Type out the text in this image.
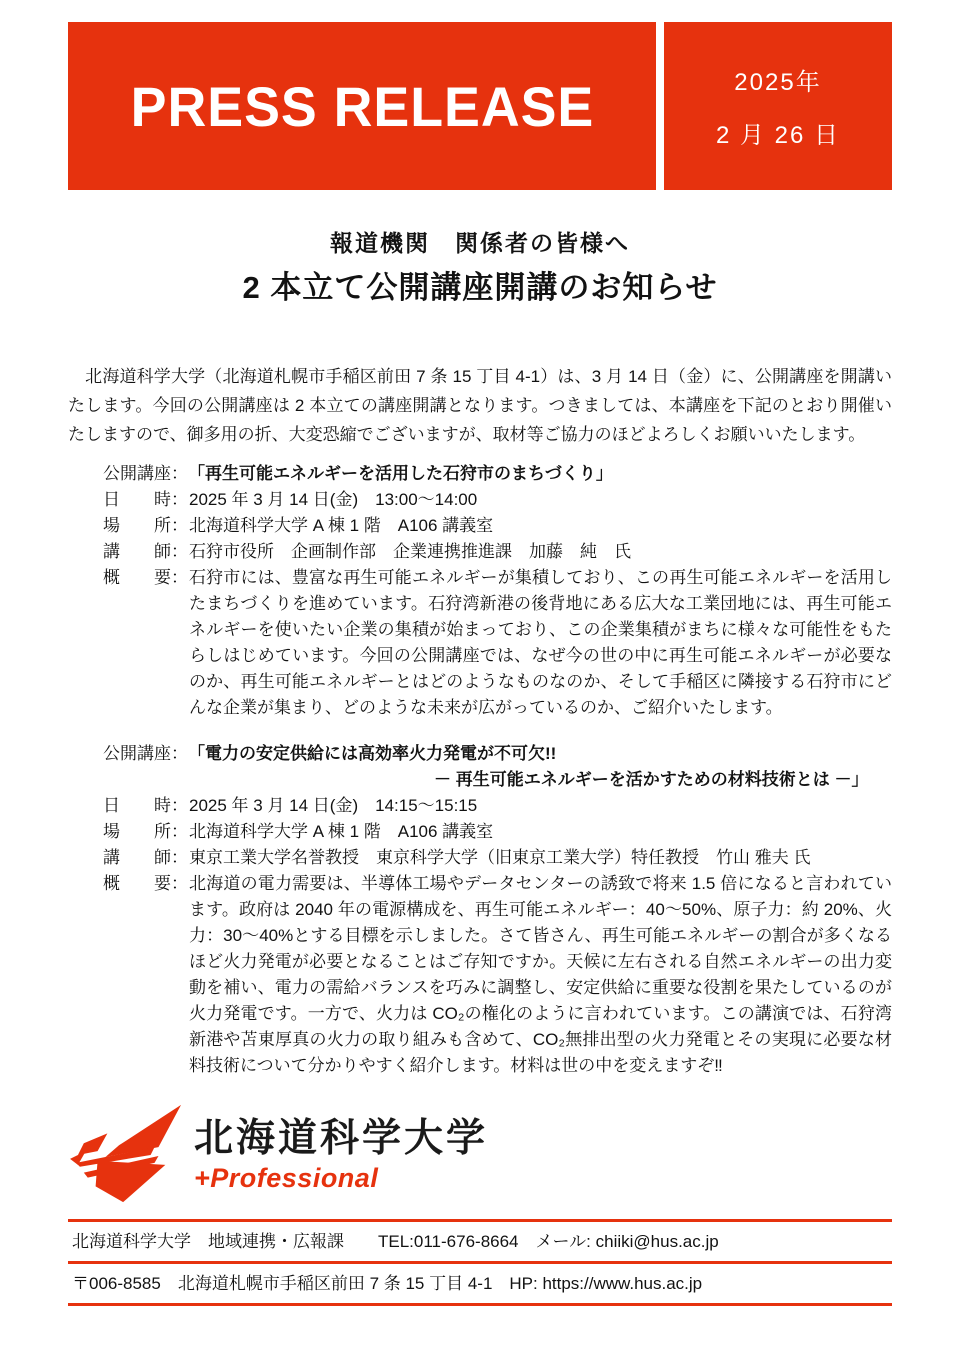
PRESS RELEASE	2025年
2 月 26 日
報道機関　関係者の皆様へ
2 本立て公開講座開講のお知らせ

　北海道科学大学（北海道札幌市手稲区前田 7 条 15 丁目 4-1）は、3 月 14 日（金）に、公開講座を開講いたします。今回の公開講座は 2 本立ての講座開講となります。つきましては、本講座を下記のとおり開催いたしますので、御多用の折、大変恐縮でございますが、取材等ご協力のほどよろしくお願いいたします。

公開講座： 「再生可能エネルギーを活用した石狩市のまちづくり」
日　　時： 2025 年 3 月 14 日(金)　13:00～14:00
場　　所： 北海道科学大学 A 棟 1 階　A106 講義室
講　　師： 石狩市役所　企画制作部　企業連携推進課　加藤　純　氏
概　　要： 石狩市には、豊富な再生可能エネルギーが集積しており、この再生可能エネルギーを活用したまちづくりを進めています。石狩湾新港の後背地にある広大な工業団地には、再生可能エネルギーを使いたい企業の集積が始まっており、この企業集積がまちに様々な可能性をもたらしはじめています。今回の公開講座では、なぜ今の世の中に再生可能エネルギーが必要なのか、再生可能エネルギーとはどのようなものなのか、そして手稲区に隣接する石狩市にどんな企業が集まり、どのような未来が広がっているのか、ご紹介いたします。
公開講座： 「電力の安定供給には高効率火力発電が不可欠!!
－ 再生可能エネルギーを活かすための材料技術とは －」
日　　時： 2025 年 3 月 14 日(金)　14:15～15:15
場　　所： 北海道科学大学 A 棟 1 階　A106 講義室
講　　師： 東京工業大学名誉教授　東京科学大学（旧東京工業大学）特任教授　竹山 雅夫 氏
概　　要： 北海道の電力需要は、半導体工場やデータセンターの誘致で将来 1.5 倍になると言われています。政府は 2040 年の電源構成を、再生可能エネルギー：40～50%、原子力：約 20%、火力：30～40%とする目標を示しました。さて皆さん、再生可能エネルギーの割合が多くなるほど火力発電が必要となることはご存知ですか。天候に左右される自然エネルギーの出力変動を補い、電力の需給バランスを巧みに調整し、安定供給に重要な役割を果たしているのが火力発電です。一方で、火力は CO₂の権化のように言われています。この講演では、石狩湾新港や苫東厚真の火力の取り組みも含めて、CO₂無排出型の火力発電とその実現に必要な材料技術について分かりやすく紹介します。材料は世の中を変えますぞ‼
北海道科学大学
+Professional
北海道科学大学　地域連携・広報課　　TEL:011-676-8664　メール: chiiki@hus.ac.jp
〒006-8585　北海道札幌市手稲区前田 7 条 15 丁目 4-1　HP: https://www.hus.ac.jp
